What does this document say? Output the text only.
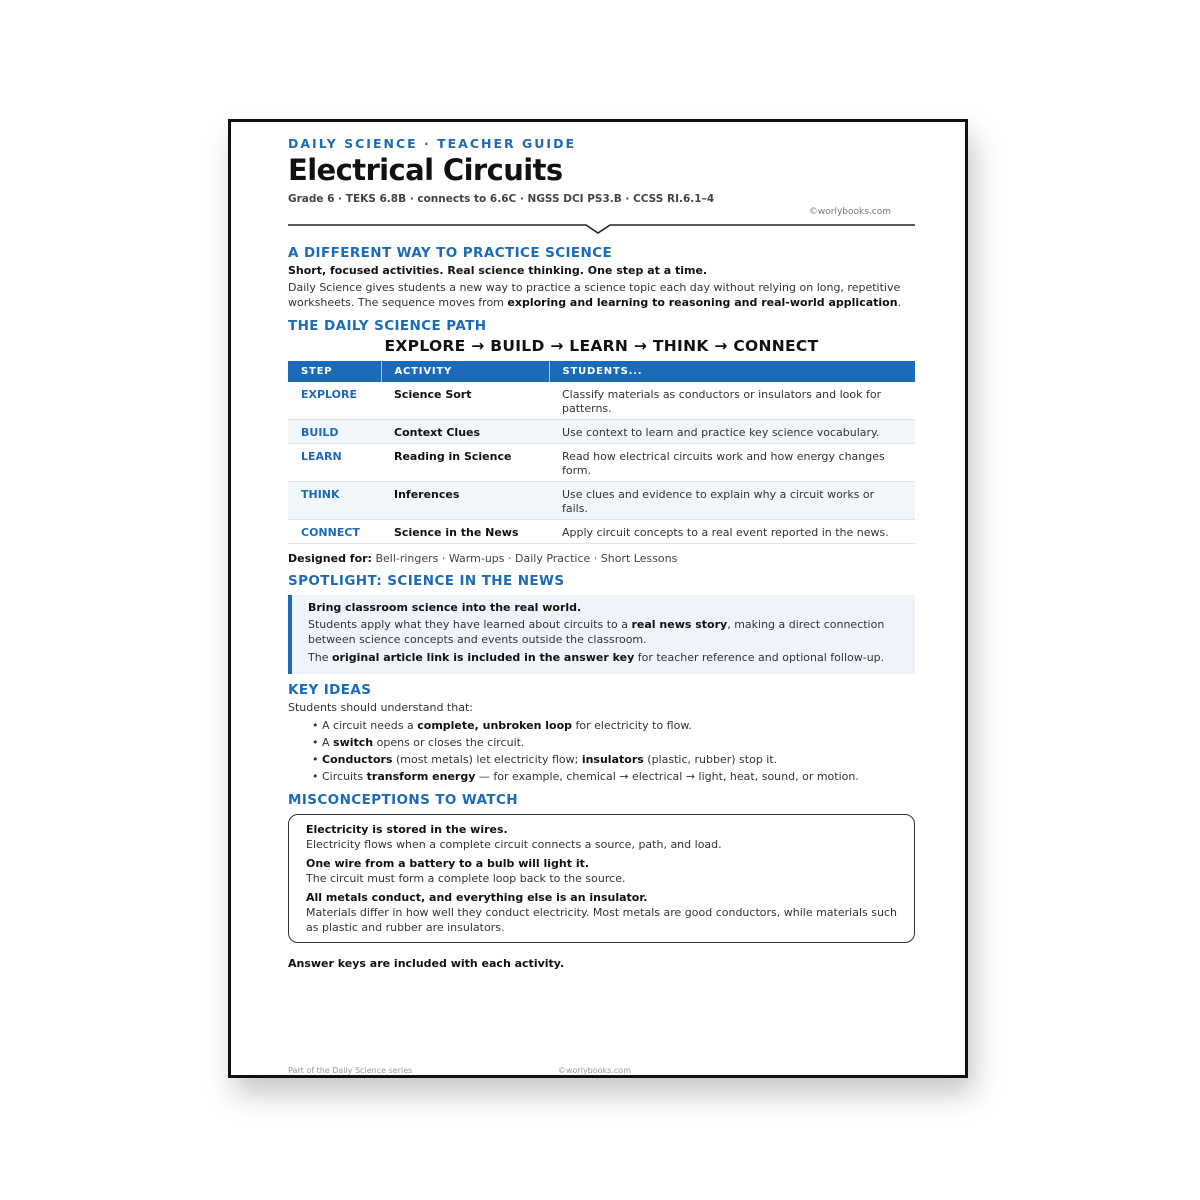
DAILY SCIENCE · TEACHER GUIDE
Electrical Circuits
Grade 6 · TEKS 6.8B · connects to 6.6C · NGSS DCI PS3.B · CCSS RI.6.1–4
©worlybooks.com
A DIFFERENT WAY TO PRACTICE SCIENCE
Short, focused activities. Real science thinking. One step at a time.
Daily Science gives students a new way to practice a science topic each day without relying on long, repetitive worksheets. The sequence moves from exploring and learning to reasoning and real-world application.
THE DAILY SCIENCE PATH
EXPLORE → BUILD → LEARN → THINK → CONNECT
STEP	ACTIVITY	STUDENTS...
EXPLORE	Science Sort	Classify materials as conductors or insulators and look for patterns.
BUILD	Context Clues	Use context to learn and practice key science vocabulary.
LEARN	Reading in Science	Read how electrical circuits work and how energy changes form.
THINK	Inferences	Use clues and evidence to explain why a circuit works or fails.
CONNECT	Science in the News	Apply circuit concepts to a real event reported in the news.
Designed for: Bell-ringers · Warm-ups · Daily Practice · Short Lessons
SPOTLIGHT: SCIENCE IN THE NEWS
Bring classroom science into the real world.
Students apply what they have learned about circuits to a real news story, making a direct connection between science concepts and events outside the classroom.
The original article link is included in the answer key for teacher reference and optional follow-up.
KEY IDEAS
Students should understand that:
• A circuit needs a complete, unbroken loop for electricity to flow.
• A switch opens or closes the circuit.
• Conductors (most metals) let electricity flow; insulators (plastic, rubber) stop it.
• Circuits transform energy — for example, chemical → electrical → light, heat, sound, or motion.
MISCONCEPTIONS TO WATCH
Electricity is stored in the wires.
Electricity flows when a complete circuit connects a source, path, and load.
One wire from a battery to a bulb will light it.
The circuit must form a complete loop back to the source.
All metals conduct, and everything else is an insulator.
Materials differ in how well they conduct electricity. Most metals are good conductors, while materials such as plastic and rubber are insulators.
Answer keys are included with each activity.
Part of the Daily Science series	©worlybooks.com
